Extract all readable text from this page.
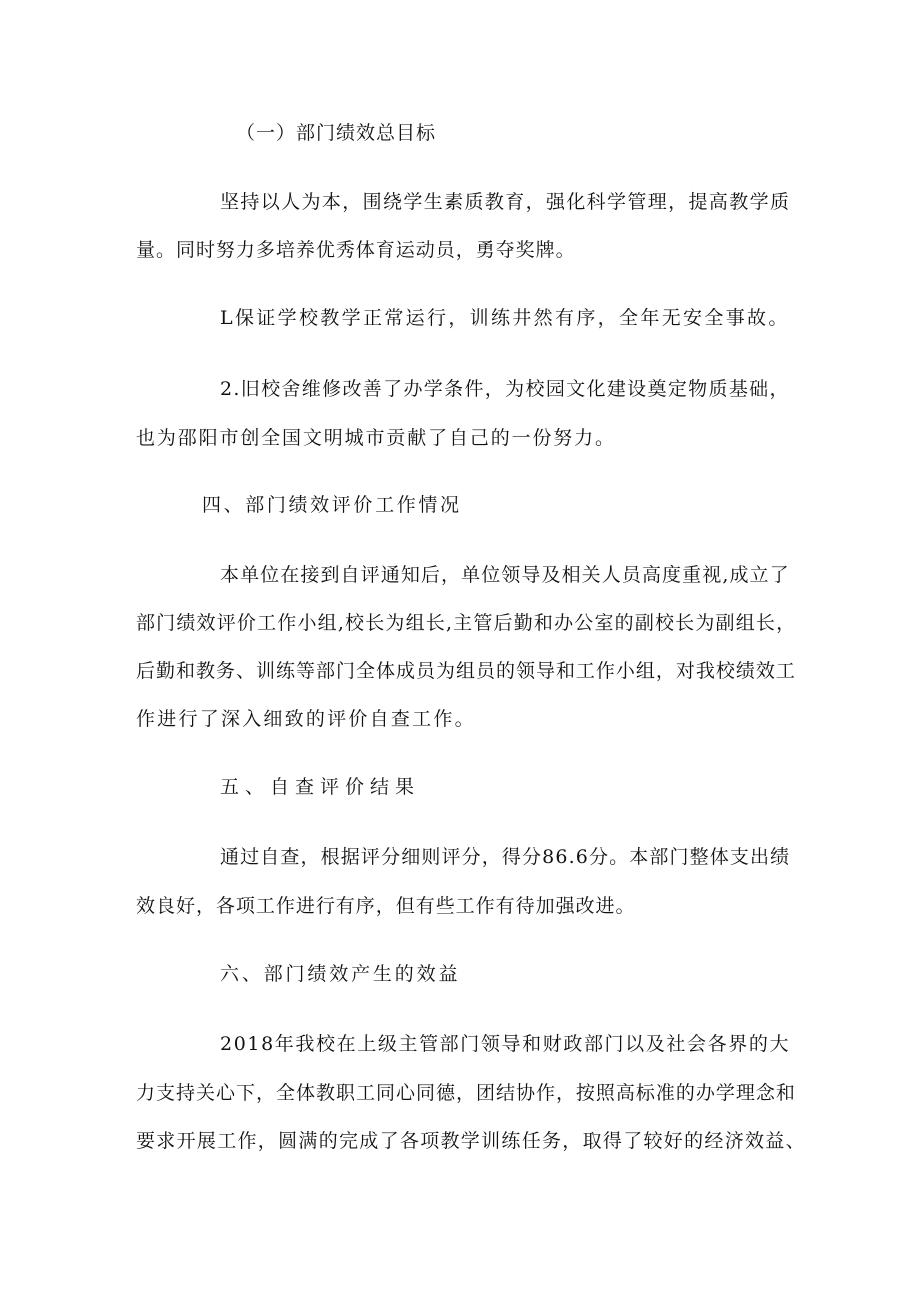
（一）部门绩效总目标
坚持以人为本，围绕学生素质教育，强化科学管理，提高教学质
量。同时努力多培养优秀体育运动员，勇夺奖牌。
L保证学校教学正常运行，训练井然有序，全年无安全事故。
2.旧校舍维修改善了办学条件，为校园文化建设奠定物质基础，
也为邵阳市创全国文明城市贡献了自己的一份努力。
四、部门绩效评价工作情况
本单位在接到自评通知后，单位领导及相关人员高度重视,成立了
部门绩效评价工作小组,校长为组长,主管后勤和办公室的副校长为副组长，
后勤和教务、训练等部门全体成员为组员的领导和工作小组，对我校绩效工
作进行了深入细致的评价自查工作。
五、自查评价结果
通过自查，根据评分细则评分，得分86.6分。本部门整体支出绩
效良好，各项工作进行有序，但有些工作有待加强改进。
六、部门绩效产生的效益
2018年我校在上级主管部门领导和财政部门以及社会各界的大
力支持关心下，全体教职工同心同德，团结协作，按照高标准的办学理念和
要求开展工作，圆满的完成了各项教学训练任务，取得了较好的经济效益、
